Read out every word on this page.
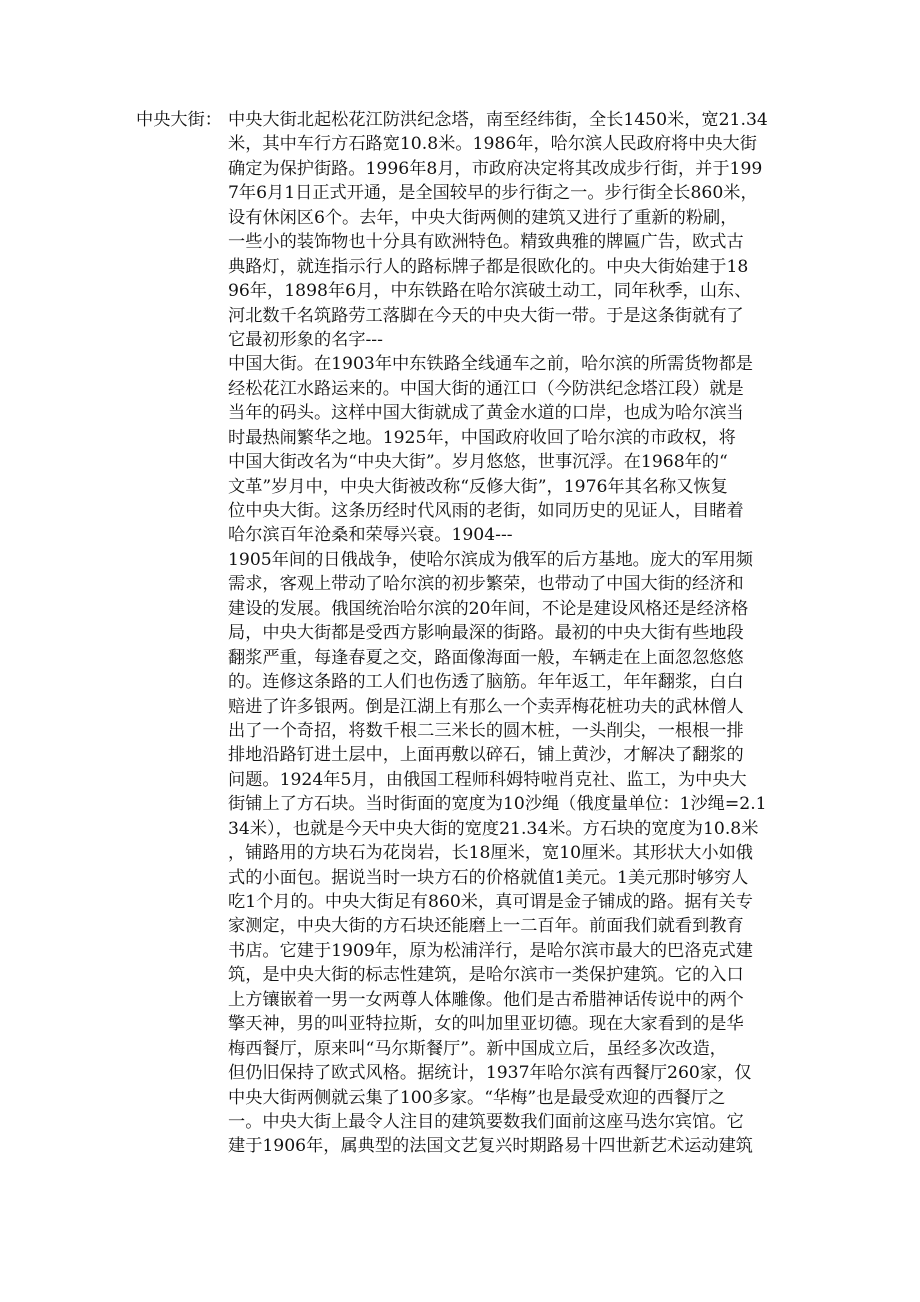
中央大街： 中央大街北起松花江防洪纪念塔，南至经纬街，全长1450米，宽21.34
米，其中车行方石路宽10.8米。1986年，哈尔滨人民政府将中央大街
确定为保护街路。1996年8月，市政府决定将其改成步行街，并于199
7年6月1日正式开通，是全国较早的步行街之一。步行街全长860米，
设有休闲区6个。去年，中央大街两侧的建筑又进行了重新的粉刷，
一些小的装饰物也十分具有欧洲特色。精致典雅的牌匾广告，欧式古
典路灯，就连指示行人的路标牌子都是很欧化的。中央大街始建于18
96年，1898年6月，中东铁路在哈尔滨破土动工，同年秋季，山东、
河北数千名筑路劳工落脚在今天的中央大街一带。于是这条街就有了
它最初形象的名字---
中国大街。在1903年中东铁路全线通车之前，哈尔滨的所需货物都是
经松花江水路运来的。中国大街的通江口（今防洪纪念塔江段）就是
当年的码头。这样中国大街就成了黄金水道的口岸，也成为哈尔滨当
时最热闹繁华之地。1925年，中国政府收回了哈尔滨的市政权，将
中国大街改名为“中央大街”。岁月悠悠，世事沉浮。在1968年的“
文革”岁月中，中央大街被改称“反修大街”，1976年其名称又恢复
位中央大街。这条历经时代风雨的老街，如同历史的见证人，目睹着
哈尔滨百年沧桑和荣辱兴衰。1904---
1905年间的日俄战争，使哈尔滨成为俄军的后方基地。庞大的军用频
需求，客观上带动了哈尔滨的初步繁荣，也带动了中国大街的经济和
建设的发展。俄国统治哈尔滨的20年间，不论是建设风格还是经济格
局，中央大街都是受西方影响最深的街路。最初的中央大街有些地段
翻浆严重，每逢春夏之交，路面像海面一般，车辆走在上面忽忽悠悠
的。连修这条路的工人们也伤透了脑筋。年年返工，年年翻浆，白白
赔进了许多银两。倒是江湖上有那么一个卖弄梅花桩功夫的武林僧人
出了一个奇招，将数千根二三米长的圆木桩，一头削尖，一根根一排
排地沿路钉进土层中，上面再敷以碎石，铺上黄沙，才解决了翻浆的
问题。1924年5月，由俄国工程师科姆特啦肖克社、监工，为中央大
街铺上了方石块。当时街面的宽度为10沙绳（俄度量单位：1沙绳=2.1
34米），也就是今天中央大街的宽度21.34米。方石块的宽度为10.8米
，铺路用的方块石为花岗岩，长18厘米，宽10厘米。其形状大小如俄
式的小面包。据说当时一块方石的价格就值1美元。1美元那时够穷人
吃1个月的。中央大街足有860米，真可谓是金子铺成的路。据有关专
家测定，中央大街的方石块还能磨上一二百年。前面我们就看到教育
书店。它建于1909年，原为松浦洋行，是哈尔滨市最大的巴洛克式建
筑，是中央大街的标志性建筑，是哈尔滨市一类保护建筑。它的入口
上方镶嵌着一男一女两尊人体雕像。他们是古希腊神话传说中的两个
擎天神，男的叫亚特拉斯，女的叫加里亚切德。现在大家看到的是华
梅西餐厅，原来叫“马尔斯餐厅”。新中国成立后，虽经多次改造，
但仍旧保持了欧式风格。据统计，1937年哈尔滨有西餐厅260家，仅
中央大街两侧就云集了100多家。“华梅”也是最受欢迎的西餐厅之
一。中央大街上最令人注目的建筑要数我们面前这座马迭尔宾馆。它
建于1906年，属典型的法国文艺复兴时期路易十四世新艺术运动建筑
